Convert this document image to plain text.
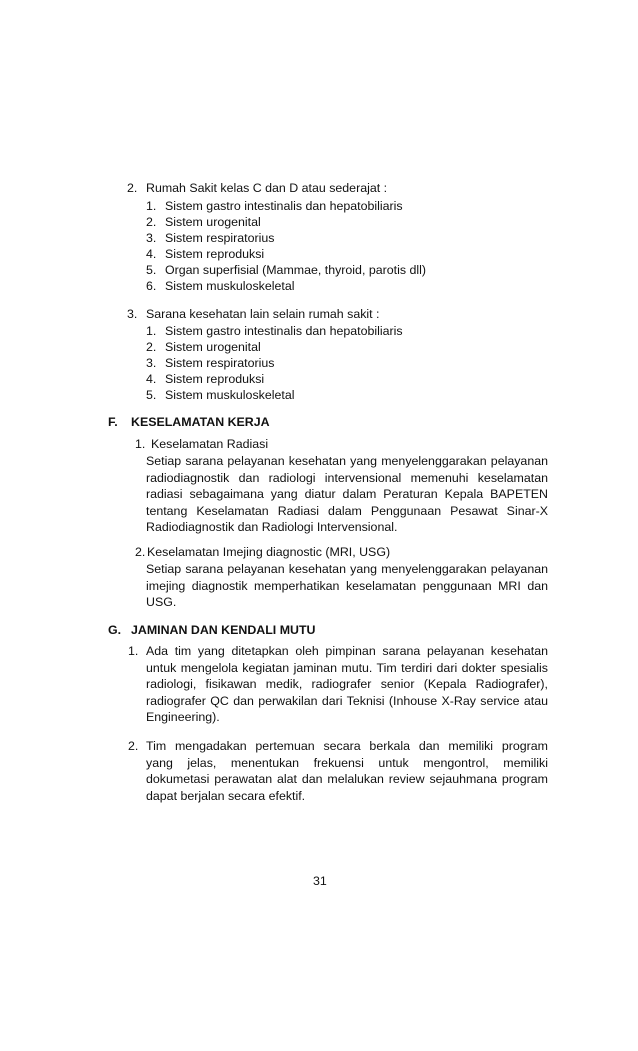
2. Rumah Sakit kelas C dan D atau sederajat :
1. Sistem gastro intestinalis dan hepatobiliaris
2. Sistem urogenital
3. Sistem respiratorius
4. Sistem reproduksi
5. Organ superfisial (Mammae, thyroid, parotis dll)
6. Sistem muskuloskeletal
3. Sarana kesehatan lain selain rumah sakit :
1. Sistem gastro intestinalis dan hepatobiliaris
2. Sistem urogenital
3. Sistem respiratorius
4. Sistem reproduksi
5. Sistem muskuloskeletal
F. KESELAMATAN KERJA
1. Keselamatan Radiasi
Setiap sarana pelayanan kesehatan yang menyelenggarakan pelayanan
radiodiagnostik dan radiologi intervensional memenuhi keselamatan
radiasi sebagaimana yang diatur dalam Peraturan Kepala BAPETEN
tentang Keselamatan Radiasi dalam Penggunaan Pesawat Sinar-X
Radiodiagnostik dan Radiologi Intervensional.
2. Keselamatan Imejing diagnostic (MRI, USG)
Setiap sarana pelayanan kesehatan yang menyelenggarakan pelayanan
imejing diagnostik memperhatikan keselamatan penggunaan MRI dan
USG.
G. JAMINAN DAN KENDALI MUTU
1. Ada tim yang ditetapkan oleh pimpinan sarana pelayanan kesehatan
untuk mengelola kegiatan jaminan mutu. Tim terdiri dari dokter spesialis
radiologi, fisikawan medik, radiografer senior (Kepala Radiografer),
radiografer QC dan perwakilan dari Teknisi (Inhouse X-Ray service atau
Engineering).
2. Tim mengadakan pertemuan secara berkala dan memiliki program
yang jelas, menentukan frekuensi untuk mengontrol, memiliki
dokumetasi perawatan alat dan melalukan review sejauhmana program
dapat berjalan secara efektif.
31
